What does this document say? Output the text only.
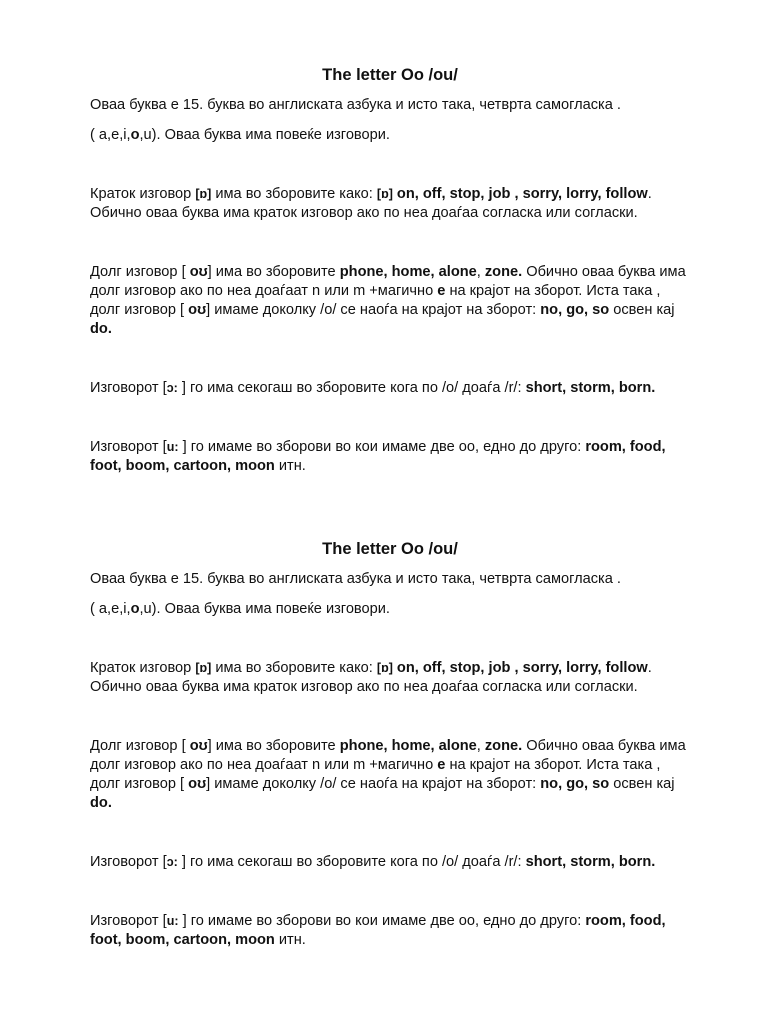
The letter Oo /ou/

Оваа буква е 15. буква во англиската азбука и исто така, четврта самогласка .

( a,e,i,o,u). Оваа буква има повеќе изговори.

Краток изговор [ɒ] има во зборовите како: [ɒ] on, off, stop, job , sorry, lorry, follow. Обично оваа буква има краток изговор ако по неа доаѓаа согласка или согласки.

Долг изговор [ oʊ] има во зборовите phone, home, alone, zone. Обично оваа буква има долг изговор ако по неа доаѓаат n или m +магично e на крајот на зборот. Иста така , долг изговор [ oʊ] имаме доколку /o/ се наоѓа на крајот на зборот: no, go, so освен кај do.

Изговорот [ɔ: ] го има секогаш во зборовите кога по /o/ доаѓа /r/: short, storm, born.

Изговорот [u: ] го имаме во зборови во кои имаме две оо, едно до друго: room, food, foot, boom, cartoon, moon итн.

The letter Oo /ou/

Оваа буква е 15. буква во англиската азбука и исто така, четврта самогласка .

( a,e,i,o,u). Оваа буква има повеќе изговори.

Краток изговор [ɒ] има во зборовите како: [ɒ] on, off, stop, job , sorry, lorry, follow. Обично оваа буква има краток изговор ако по неа доаѓаа согласка или согласки.

Долг изговор [ oʊ] има во зборовите phone, home, alone, zone. Обично оваа буква има долг изговор ако по неа доаѓаат n или m +магично e на крајот на зборот. Иста така , долг изговор [ oʊ] имаме доколку /o/ се наоѓа на крајот на зборот: no, go, so освен кај do.

Изговорот [ɔ: ] го има секогаш во зборовите кога по /o/ доаѓа /r/: short, storm, born.

Изговорот [u: ] го имаме во зборови во кои имаме две оо, едно до друго: room, food, foot, boom, cartoon, moon итн.
